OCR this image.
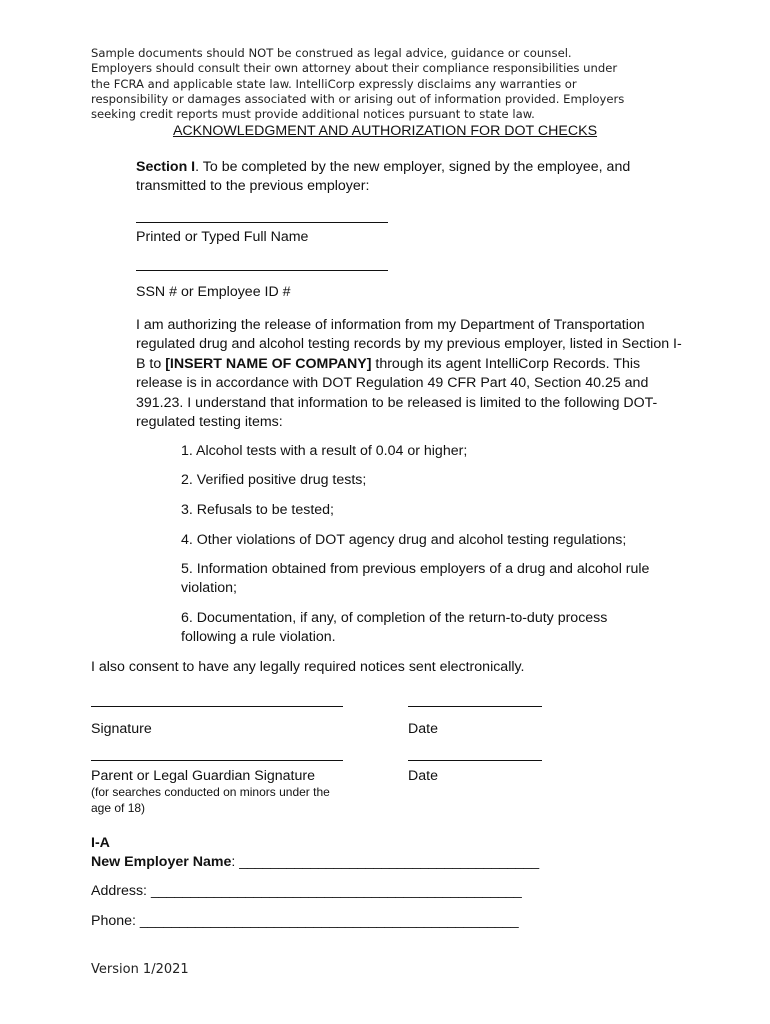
Sample documents should NOT be construed as legal advice, guidance or counsel.
Employers should consult their own attorney about their compliance responsibilities under
the FCRA and applicable state law. IntelliCorp expressly disclaims any warranties or
responsibility or damages associated with or arising out of information provided. Employers
seeking credit reports must provide additional notices pursuant to state law.

ACKNOWLEDGMENT AND AUTHORIZATION FOR DOT CHECKS

Section I. To be completed by the new employer, signed by the employee, and transmitted to the previous employer:

Printed or Typed Full Name

SSN # or Employee ID #

I am authorizing the release of information from my Department of Transportation regulated drug and alcohol testing records by my previous employer, listed in Section I-B to [INSERT NAME OF COMPANY] through its agent IntelliCorp Records. This release is in accordance with DOT Regulation 49 CFR Part 40, Section 40.25 and 391.23. I understand that information to be released is limited to the following DOT-regulated testing items:

1. Alcohol tests with a result of 0.04 or higher;

2. Verified positive drug tests;

3. Refusals to be tested;

4. Other violations of DOT agency drug and alcohol testing regulations;

5. Information obtained from previous employers of a drug and alcohol rule violation;

6. Documentation, if any, of completion of the return-to-duty process following a rule violation.

I also consent to have any legally required notices sent electronically.

Signature	Date

Parent or Legal Guardian Signature	Date

(for searches conducted on minors under the age of 18)

I-A

New Employer Name: ______________________________________

Address: _______________________________________________

Phone: ________________________________________________

Version 1/2021
